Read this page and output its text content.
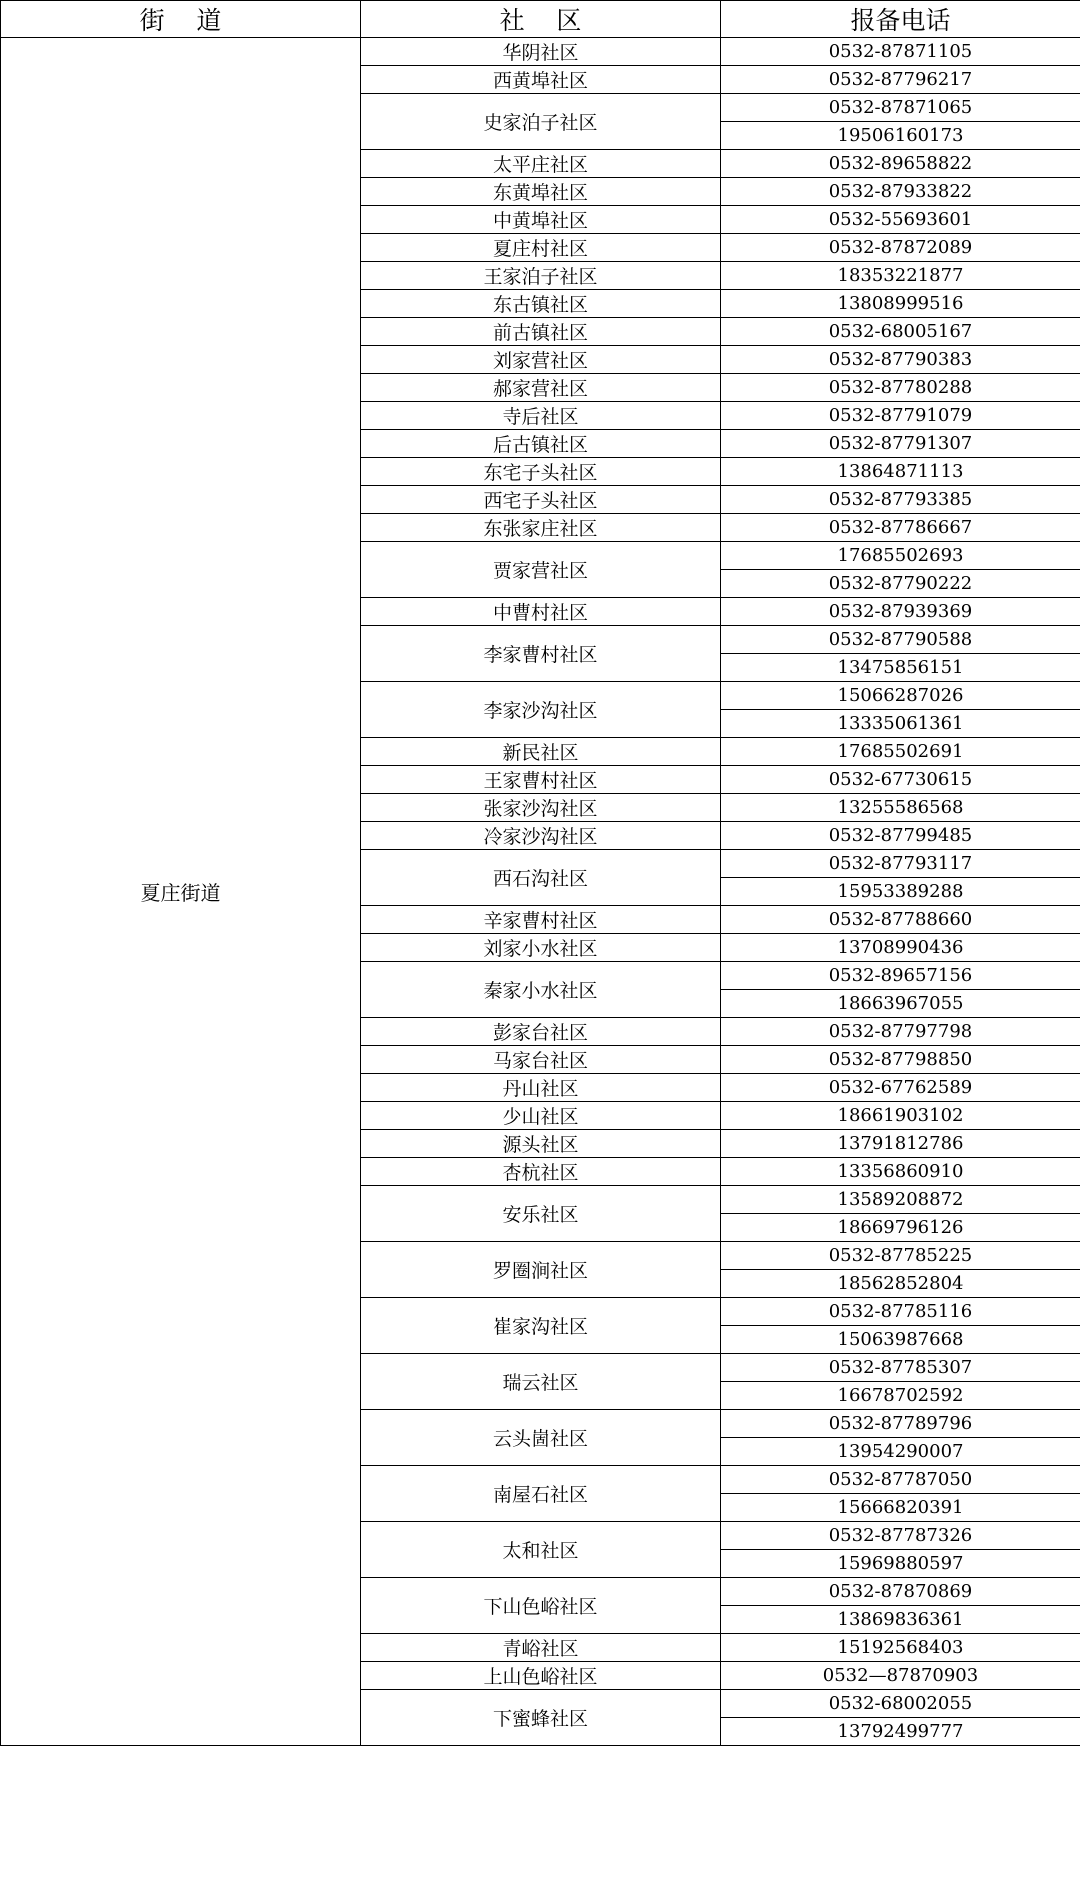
街    道	社    区	报备电话
夏庄街道	华阴社区	0532-87871105
	西黄埠社区	0532-87796217
	史家泊子社区	0532-87871065
		19506160173
	太平庄社区	0532-89658822
	东黄埠社区	0532-87933822
	中黄埠社区	0532-55693601
	夏庄村社区	0532-87872089
	王家泊子社区	18353221877
	东古镇社区	13808999516
	前古镇社区	0532-68005167
	刘家营社区	0532-87790383
	郝家营社区	0532-87780288
	寺后社区	0532-87791079
	后古镇社区	0532-87791307
	东宅子头社区	13864871113
	西宅子头社区	0532-87793385
	东张家庄社区	0532-87786667
	贾家营社区	17685502693
		0532-87790222
	中曹村社区	0532-87939369
	李家曹村社区	0532-87790588
		13475856151
	李家沙沟社区	15066287026
		13335061361
	新民社区	17685502691
	王家曹村社区	0532-67730615
	张家沙沟社区	13255586568
	冷家沙沟社区	0532-87799485
	西石沟社区	0532-87793117
		15953389288
	辛家曹村社区	0532-87788660
	刘家小水社区	13708990436
	秦家小水社区	0532-89657156
		18663967055
	彭家台社区	0532-87797798
	马家台社区	0532-87798850
	丹山社区	0532-67762589
	少山社区	18661903102
	源头社区	13791812786
	杏杭社区	13356860910
	安乐社区	13589208872
		18669796126
	罗圈涧社区	0532-87785225
		18562852804
	崔家沟社区	0532-87785116
		15063987668
	瑞云社区	0532-87785307
		16678702592
	云头崮社区	0532-87789796
		13954290007
	南屋石社区	0532-87787050
		15666820391
	太和社区	0532-87787326
		15969880597
	下山色峪社区	0532-87870869
		13869836361
	青峪社区	15192568403
	上山色峪社区	0532—87870903
	下蜜蜂社区	0532-68002055
		13792499777
